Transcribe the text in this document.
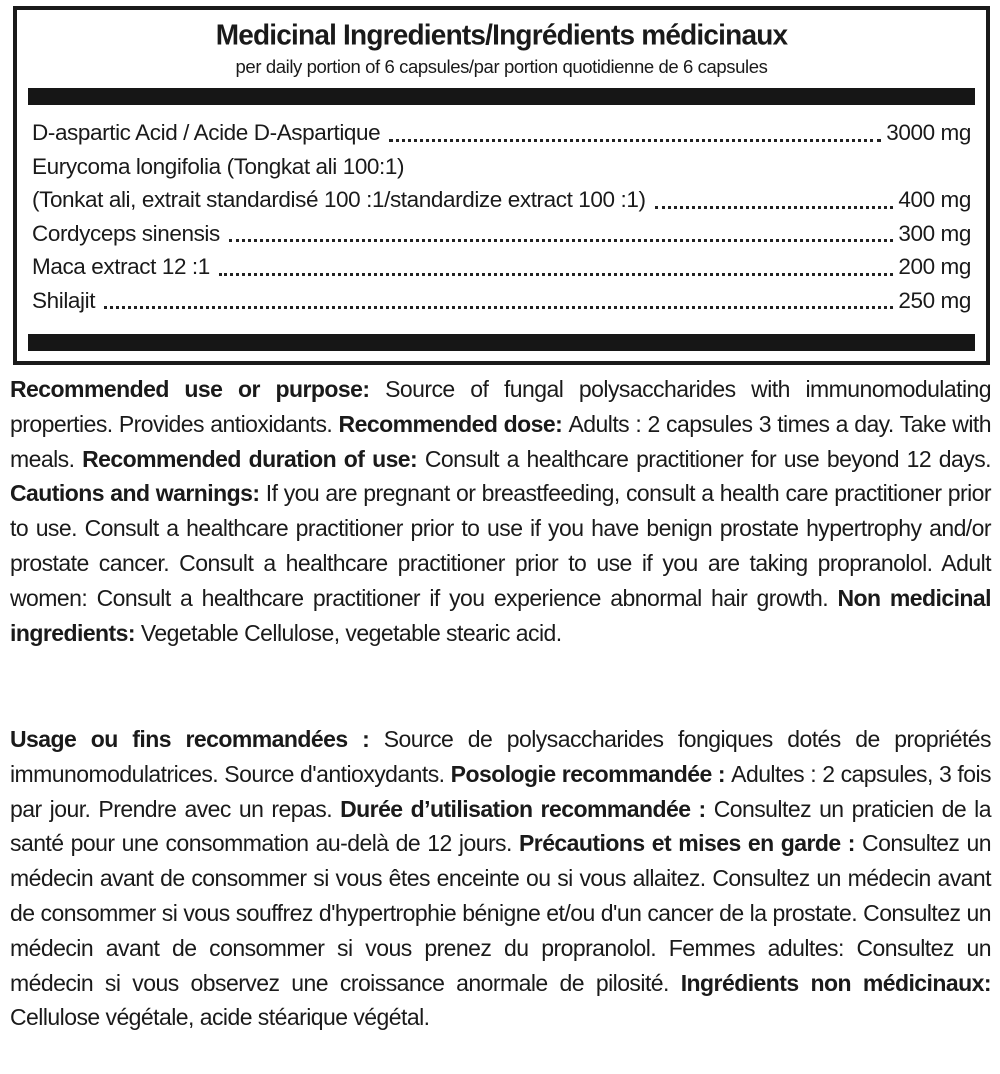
Medicinal Ingredients/Ingrédients médicinaux

per daily portion of 6 capsules/par portion quotidienne de 6 capsules

D-aspartic Acid / Acide D-Aspartique	3000 mg
Eurycoma longifolia (Tongkat ali 100:1)
(Tonkat ali, extrait standardisé 100 :1/standardize extract 100 :1)	400 mg
Cordyceps sinensis	300 mg
Maca extract 12 :1	200 mg
Shilajit	250 mg

Recommended use or purpose: Source of fungal polysaccharides with immunomodulating properties. Provides antioxidants. Recommended dose: Adults : 2 capsules 3 times a day. Take with meals. Recommended duration of use: Consult a healthcare practitioner for use beyond 12 days. Cautions and warnings: If you are pregnant or breastfeeding, consult a health care practitioner prior to use. Consult a healthcare practitioner prior to use if you have benign prostate hypertrophy and/or prostate cancer. Consult a healthcare practitioner prior to use if you are taking propranolol. Adult women: Consult a healthcare practitioner if you experience abnormal hair growth. Non medicinal ingredients: Vegetable Cellulose, vegetable stearic acid.

Usage ou fins recommandées : Source de polysaccharides fongiques dotés de propriétés immunomodulatrices. Source d'antioxydants. Posologie recommandée : Adultes : 2 capsules, 3 fois par jour. Prendre avec un repas. Durée d’utilisation recommandée : Consultez un praticien de la santé pour une consommation au-delà de 12 jours. Précautions et mises en garde : Consultez un médecin avant de consommer si vous êtes enceinte ou si vous allaitez. Consultez un médecin avant de consommer si vous souffrez d'hypertrophie bénigne et/ou d'un cancer de la prostate. Consultez un médecin avant de consommer si vous prenez du propranolol. Femmes adultes: Consultez un médecin si vous observez une croissance anormale de pilosité. Ingrédients non médicinaux: Cellulose végétale, acide stéarique végétal.
